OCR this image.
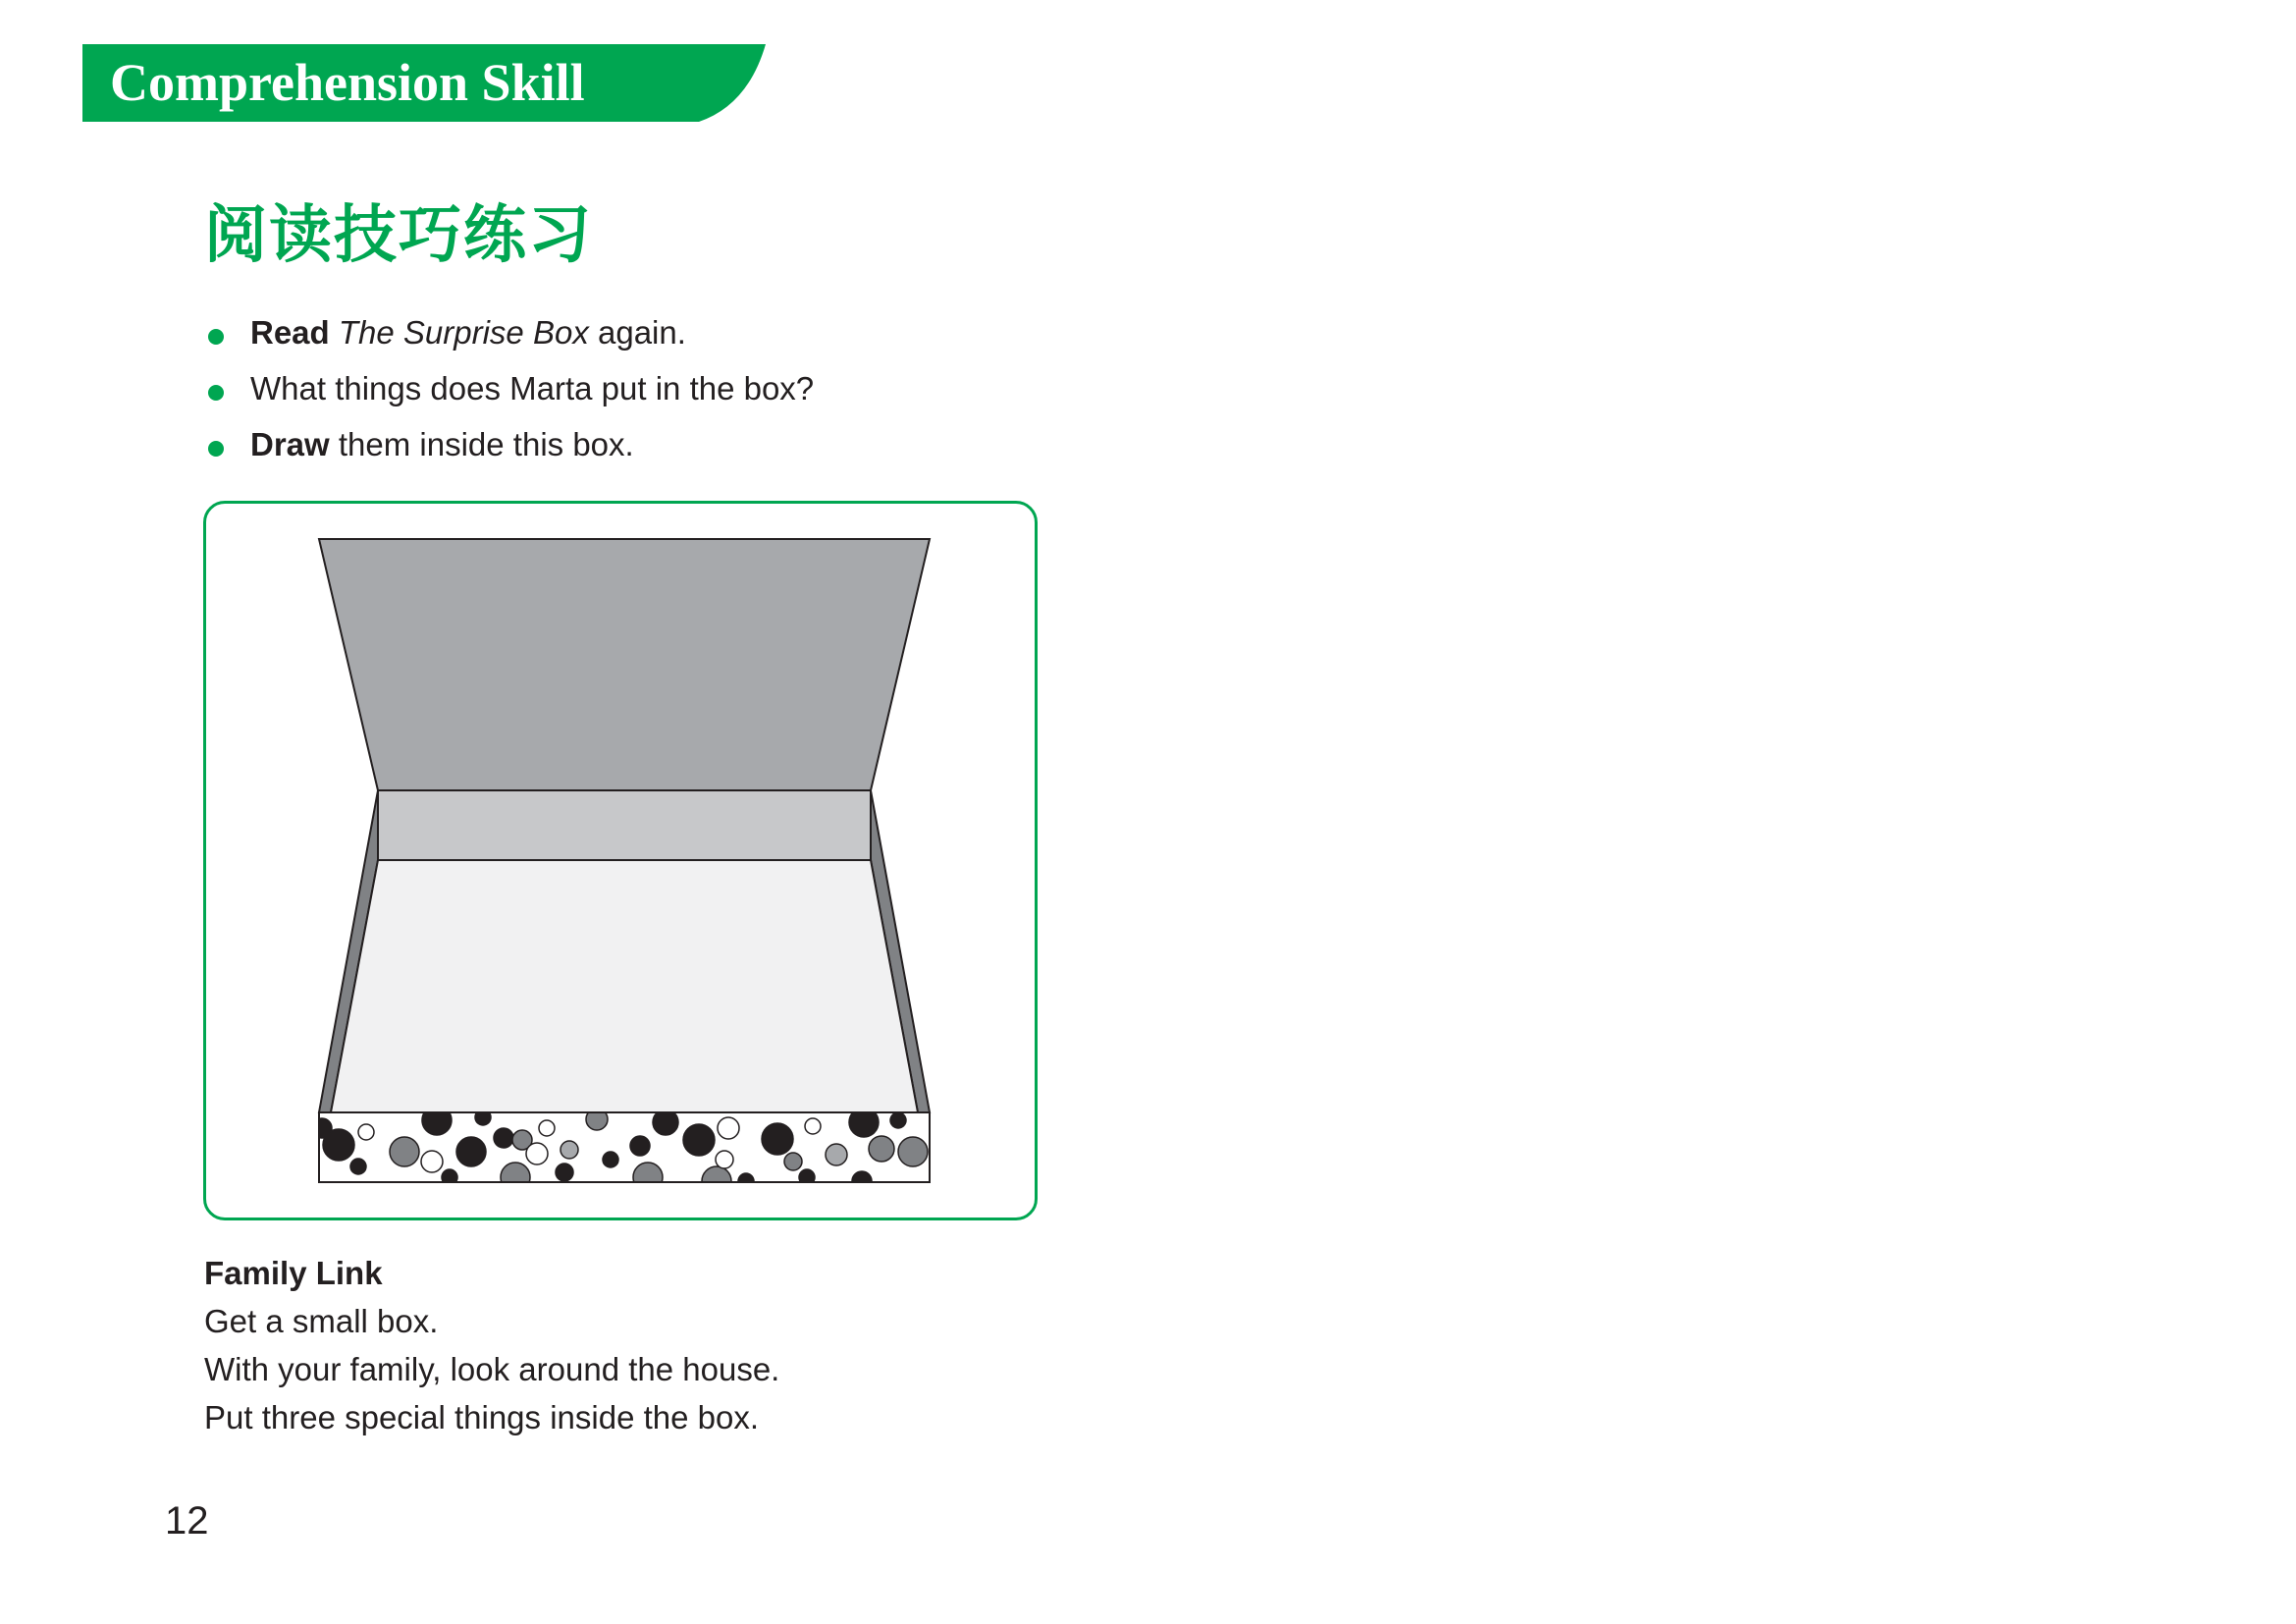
Comprehension Skill
阅读技巧练习
Read The Surprise Box again.
What things does Marta put in the box?
Draw them inside this box.
Family Link
Get a small box.
With your family, look around the house.
Put three special things inside the box.
12
